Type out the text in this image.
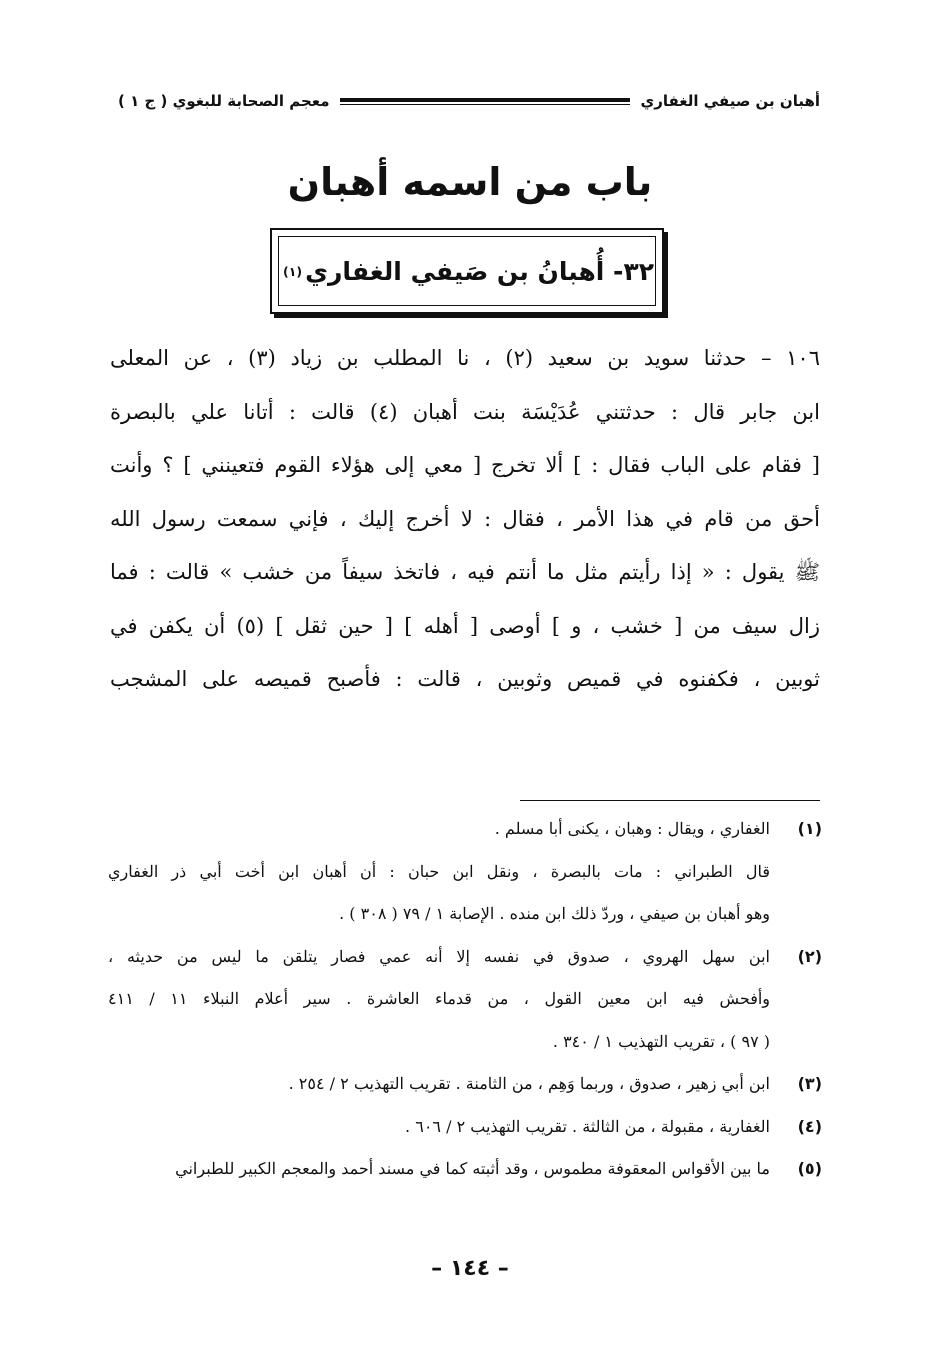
أهبان بن صيفي الغفاري
معجم الصحابة للبغوي ( ج ١ )
باب من اسمه أهبان
٣٢- أُهبانُ بن صَيفي الغفاري
(١)

١٠٦ – حدثنا سويد بن سعيد (٢) ، نا المطلب بن زياد (٣) ، عن المعلى

ابن جابر قال : حدثتني عُدَيْسَة بنت أهبان (٤) قالت : أتانا علي بالبصرة

[ فقام على الباب فقال : ] ألا تخرج [ معي إلى هؤلاء القوم فتعينني ] ؟ وأنت

أحق من قام في هذا الأمر ، فقال : لا أخرج إليك ، فإني سمعت رسول الله

ﷺ يقول : « إذا رأيتم مثل ما أنتم فيه ، فاتخذ سيفاً من خشب » قالت : فما

زال سيف من [ خشب ، و ] أوصى [ أهله ] [ حين ثقل ] (٥) أن يكفن في

ثوبين ، فكفنوه في قميص وثوبين ، قالت : فأصبح قميصه على المشجب

(١)
الغفاري ، ويقال : وهبان ، يكنى أبا مسلم .
قال الطبراني : مات بالبصرة ، ونقل ابن حبان : أن أهبان ابن أخت أبي ذر الغفاري
وهو أهبان بن صيفي ، وردّ ذلك ابن منده . الإصابة ١ / ٧٩ ( ٣٠٨ ) .
(٢)
ابن سهل الهروي ، صدوق في نفسه إلا أنه عمي فصار يتلقن ما ليس من حديثه ،
وأفحش فيه ابن معين القول ، من قدماء العاشرة . سير أعلام النبلاء ١١ / ٤١١
( ٩٧ ) ، تقريب التهذيب ١ / ٣٤٠ .
(٣)
ابن أبي زهير ، صدوق ، وربما وَهِم ، من الثامنة . تقريب التهذيب ٢ / ٢٥٤ .
(٤)
الغفارية ، مقبولة ، من الثالثة . تقريب التهذيب ٢ / ٦٠٦ .
(٥)
ما بين الأقواس المعقوفة مطموس ، وقد أثبته كما في مسند أحمد والمعجم الكبير للطبراني
– ١٤٤ –
